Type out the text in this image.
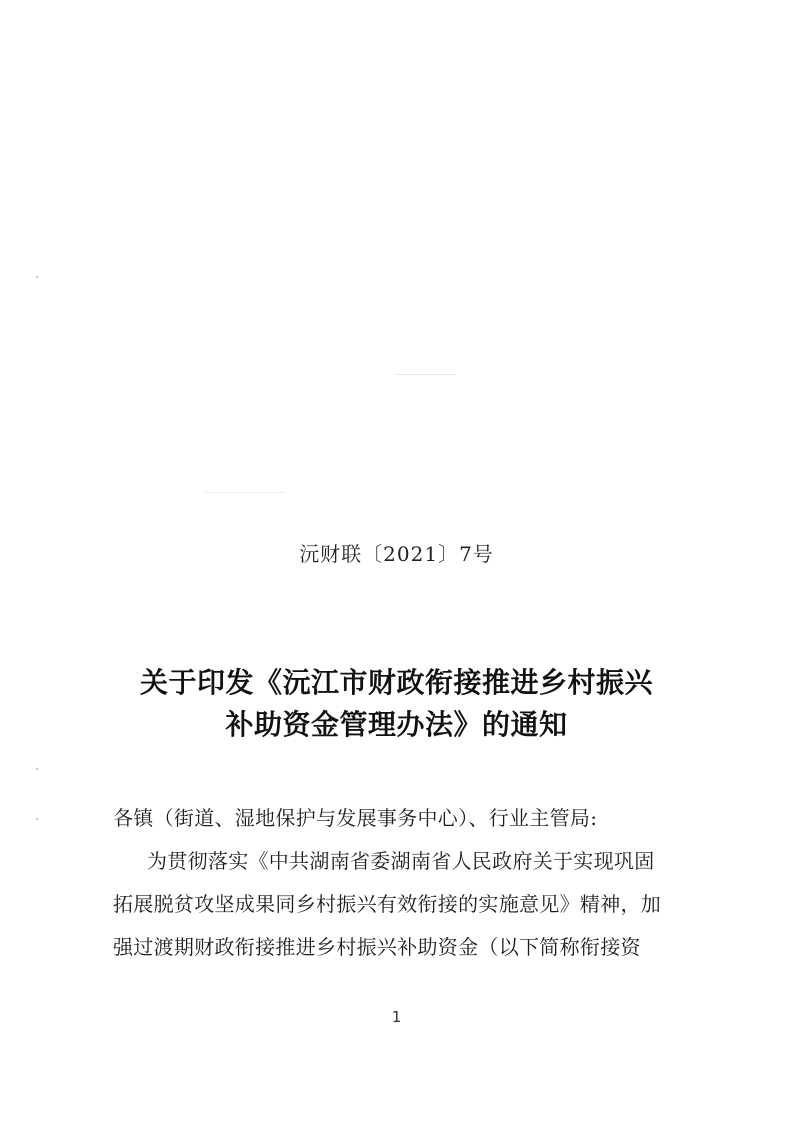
沅财联〔2021〕7号
关于印发《沅江市财政衔接推进乡村振兴
补助资金管理办法》的通知
各镇（街道、湿地保护与发展事务中心）、行业主管局:
为贯彻落实《中共湖南省委湖南省人民政府关于实现巩固
拓展脱贫攻坚成果同乡村振兴有效衔接的实施意见》精神，加
强过渡期财政衔接推进乡村振兴补助资金（以下简称衔接资
1
